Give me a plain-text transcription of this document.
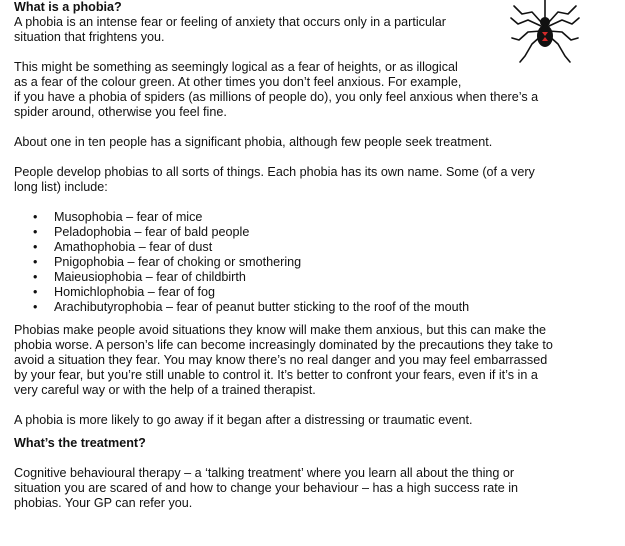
What is a phobia?

A phobia is an intense fear or feeling of anxiety that occurs only in a particular
situation that frightens you.

This might be something as seemingly logical as a fear of heights, or as illogical
as a fear of the colour green. At other times you don’t feel anxious. For example,
if you have a phobia of spiders (as millions of people do), you only feel anxious when there’s a
spider around, otherwise you feel fine.

About one in ten people has a significant phobia, although few people seek treatment.

People develop phobias to all sorts of things. Each phobia has its own name. Some (of a very
long list) include:

• Musophobia – fear of mice
• Peladophobia – fear of bald people
• Amathophobia – fear of dust
• Pnigophobia – fear of choking or smothering
• Maieusiophobia – fear of childbirth
• Homichlophobia – fear of fog
• Arachibutyrophobia – fear of peanut butter sticking to the roof of the mouth

Phobias make people avoid situations they know will make them anxious, but this can make the
phobia worse. A person’s life can become increasingly dominated by the precautions they take to
avoid a situation they fear. You may know there’s no real danger and you may feel embarrassed
by your fear, but you’re still unable to control it. It’s better to confront your fears, even if it’s in a
very careful way or with the help of a trained therapist.

A phobia is more likely to go away if it began after a distressing or traumatic event.

What’s the treatment?

Cognitive behavioural therapy – a ‘talking treatment’ where you learn all about the thing or
situation you are scared of and how to change your behaviour – has a high success rate in
phobias. Your GP can refer you.
